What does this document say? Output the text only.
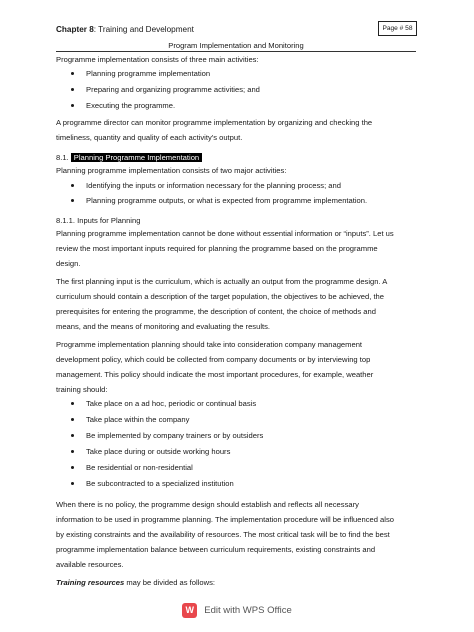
Chapter 8: Training and Development	Page # 58
Program Implementation and Monitoring
Programme implementation consists of three main activities:
Planning programme implementation
Preparing and organizing programme activities; and
Executing the programme.
A programme director can monitor programme implementation by organizing and checking the
timeliness, quantity and quality of each activity's output.
8.1. Planning Programme Implementation
Planning programme implementation consists of two major activities:
Identifying the inputs or information necessary for the planning process; and
Planning programme outputs, or what is expected from programme implementation.
8.1.1. Inputs for Planning
Planning programme implementation cannot be done without essential information or “inputs”. Let us
review the most important inputs required for planning the programme based on the programme
design.
The first planning input is the curriculum, which is actually an output from the programme design. A
curriculum should contain a description of the target population, the objectives to be achieved, the
prerequisites for entering the programme, the description of content, the choice of methods and
means, and the means of monitoring and evaluating the results.
Programme implementation planning should take into consideration company management
development policy, which could be collected from company documents or by interviewing top
management. This policy should indicate the most important procedures, for example, weather
training should:
Take place on a ad hoc, periodic or continual basis
Take place within the company
Be implemented by company trainers or by outsiders
Take place during or outside working hours
Be residential or non-residential
Be subcontracted to a specialized institution
When there is no policy, the programme design should establish and reflects all necessary
information to be used in programme planning. The implementation procedure will be influenced also
by existing constraints and the availability of resources. The most critical task will be to find the best
programme implementation balance between curriculum requirements, existing constraints and
available resources.
Training resources may be divided as follows:
W	Edit with WPS Office
